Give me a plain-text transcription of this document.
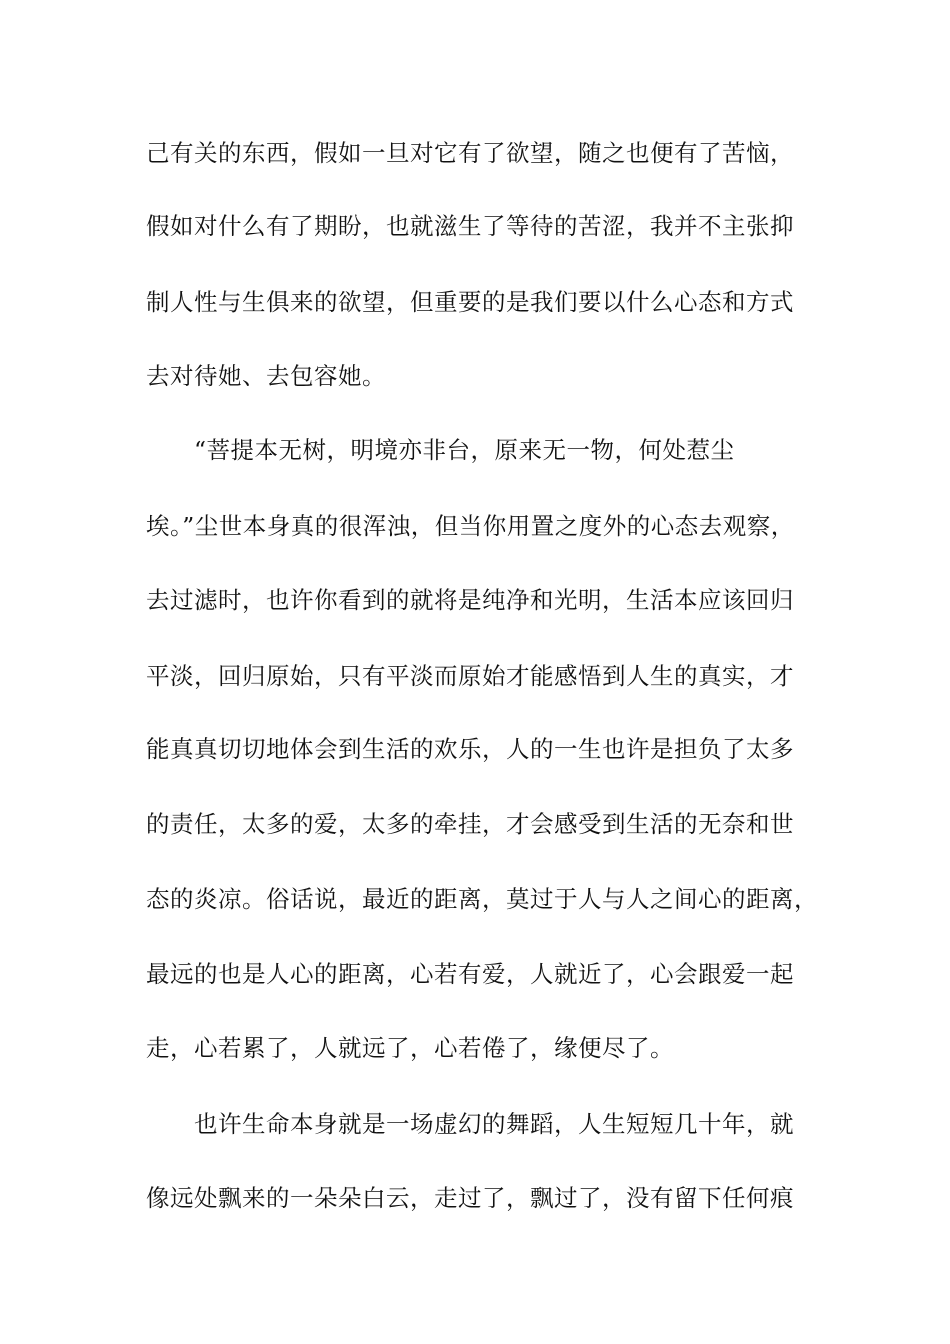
己有关的东西，假如一旦对它有了欲望，随之也便有了苦恼，
假如对什么有了期盼，也就滋生了等待的苦涩，我并不主张抑
制人性与生俱来的欲望，但重要的是我们要以什么心态和方式
去对待她、去包容她。
“菩提本无树，明境亦非台，原来无一物，何处惹尘
埃。”尘世本身真的很浑浊，但当你用置之度外的心态去观察，
去过滤时，也许你看到的就将是纯净和光明，生活本应该回归
平淡，回归原始，只有平淡而原始才能感悟到人生的真实，才
能真真切切地体会到生活的欢乐，人的一生也许是担负了太多
的责任，太多的爱，太多的牵挂，才会感受到生活的无奈和世
态的炎凉。俗话说，最近的距离，莫过于人与人之间心的距离，
最远的也是人心的距离，心若有爱，人就近了，心会跟爱一起
走，心若累了，人就远了，心若倦了，缘便尽了。
也许生命本身就是一场虚幻的舞蹈，人生短短几十年，就
像远处飘来的一朵朵白云，走过了，飘过了，没有留下任何痕
